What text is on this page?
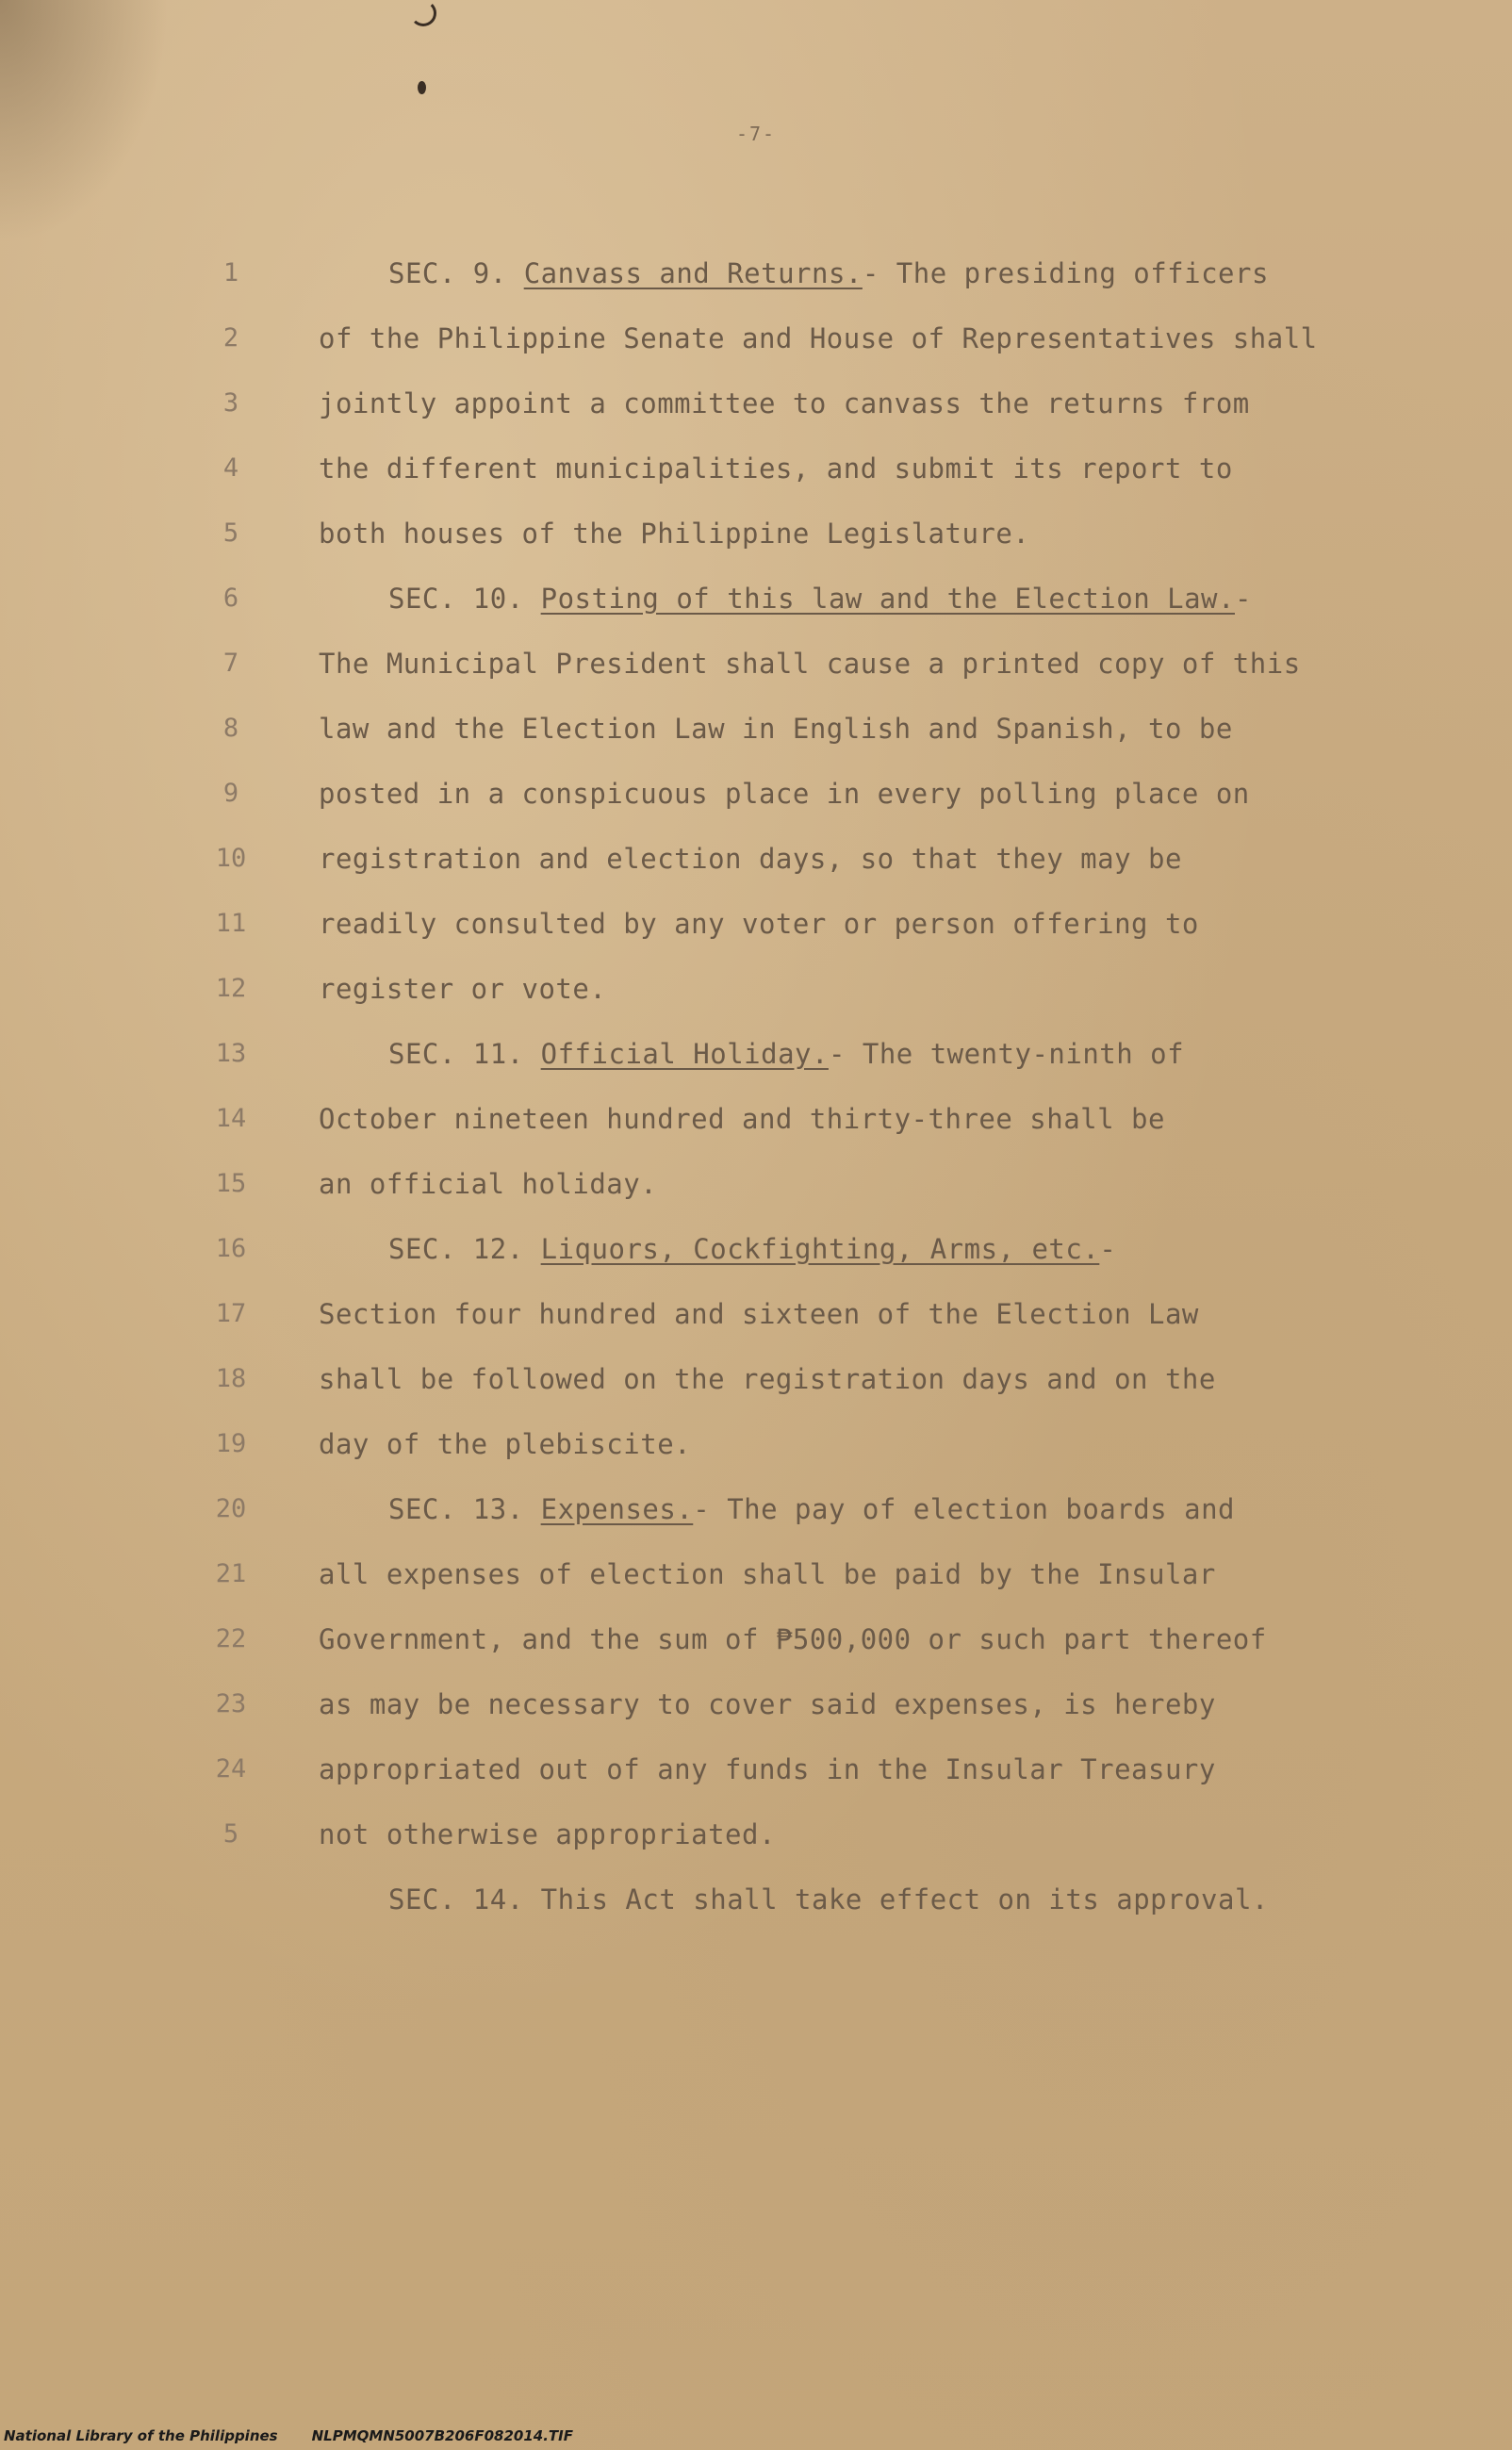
-7-
1	SEC. 9. Canvass and Returns.- The presiding officers
2	of the Philippine Senate and House of Representatives shall
3	jointly appoint a committee to canvass the returns from
4	the different municipalities, and submit its report to
5	both houses of the Philippine Legislature.
6	SEC. 10. Posting of this law and the Election Law.-
7	The Municipal President shall cause a printed copy of this
8	law and the Election Law in English and Spanish, to be
9	posted in a conspicuous place in every polling place on
10	registration and election days, so that they may be
11	readily consulted by any voter or person offering to
12	register or vote.
13	SEC. 11. Official Holiday.- The twenty-ninth of
14	October nineteen hundred and thirty-three shall be
15	an official holiday.
16	SEC. 12. Liquors, Cockfighting, Arms, etc.-
17	Section four hundred and sixteen of the Election Law
18	shall be followed on the registration days and on the
19	day of the plebiscite.
20	SEC. 13. Expenses.- The pay of election boards and
21	all expenses of election shall be paid by the Insular
22	Government, and the sum of ₱500,000 or such part thereof
23	as may be necessary to cover said expenses, is hereby
24	appropriated out of any funds in the Insular Treasury
5	not otherwise appropriated.
SEC. 14. This Act shall take effect on its approval.
National Library of the Philippines NLPMQMN5007B206F082014.TIF
